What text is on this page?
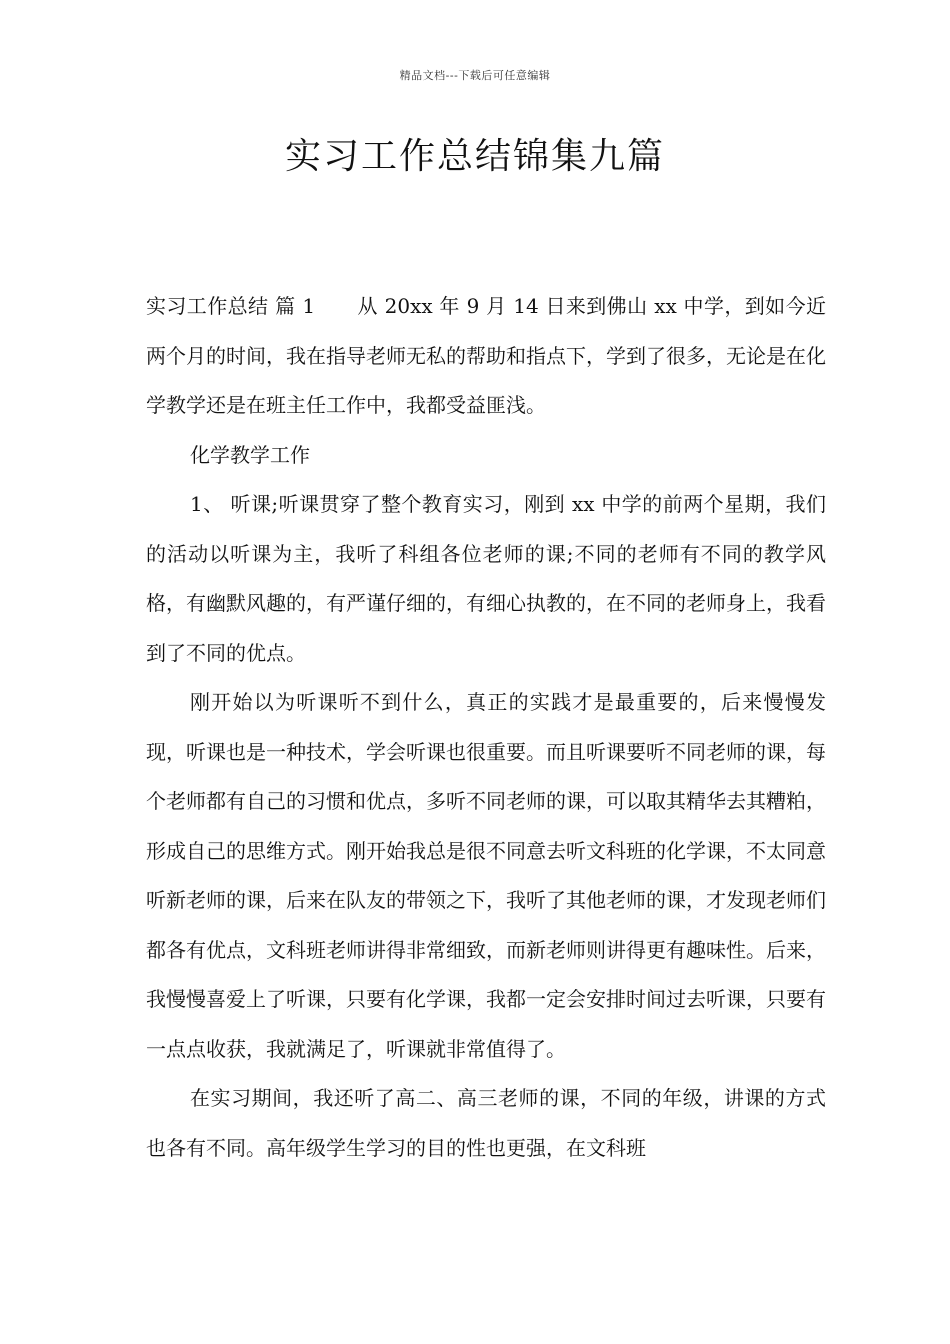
精品文档---下载后可任意编辑
实习工作总结锦集九篇

实习工作总结 篇 1 从 20xx 年 9 月 14 日来到佛山 xx 中学，到如今近两个月的时间，我在指导老师无私的帮助和指点下，学到了很多，无论是在化学教学还是在班主任工作中，我都受益匪浅。

化学教学工作

1、 听课;听课贯穿了整个教育实习，刚到 xx 中学的前两个星期，我们的活动以听课为主，我听了科组各位老师的课;不同的老师有不同的教学风格，有幽默风趣的，有严谨仔细的，有细心执教的，在不同的老师身上，我看到了不同的优点。

刚开始以为听课听不到什么，真正的实践才是最重要的，后来慢慢发现，听课也是一种技术，学会听课也很重要。而且听课要听不同老师的课，每个老师都有自己的习惯和优点，多听不同老师的课，可以取其精华去其糟粕，形成自己的思维方式。刚开始我总是很不同意去听文科班的化学课，不太同意听新老师的课，后来在队友的带领之下，我听了其他老师的课，才发现老师们都各有优点，文科班老师讲得非常细致，而新老师则讲得更有趣味性。后来，我慢慢喜爱上了听课，只要有化学课，我都一定会安排时间过去听课，只要有一点点收获，我就满足了，听课就非常值得了。

在实习期间，我还听了高二、高三老师的课，不同的年级，讲课的方式也各有不同。高年级学生学习的目的性也更强，在文科班
